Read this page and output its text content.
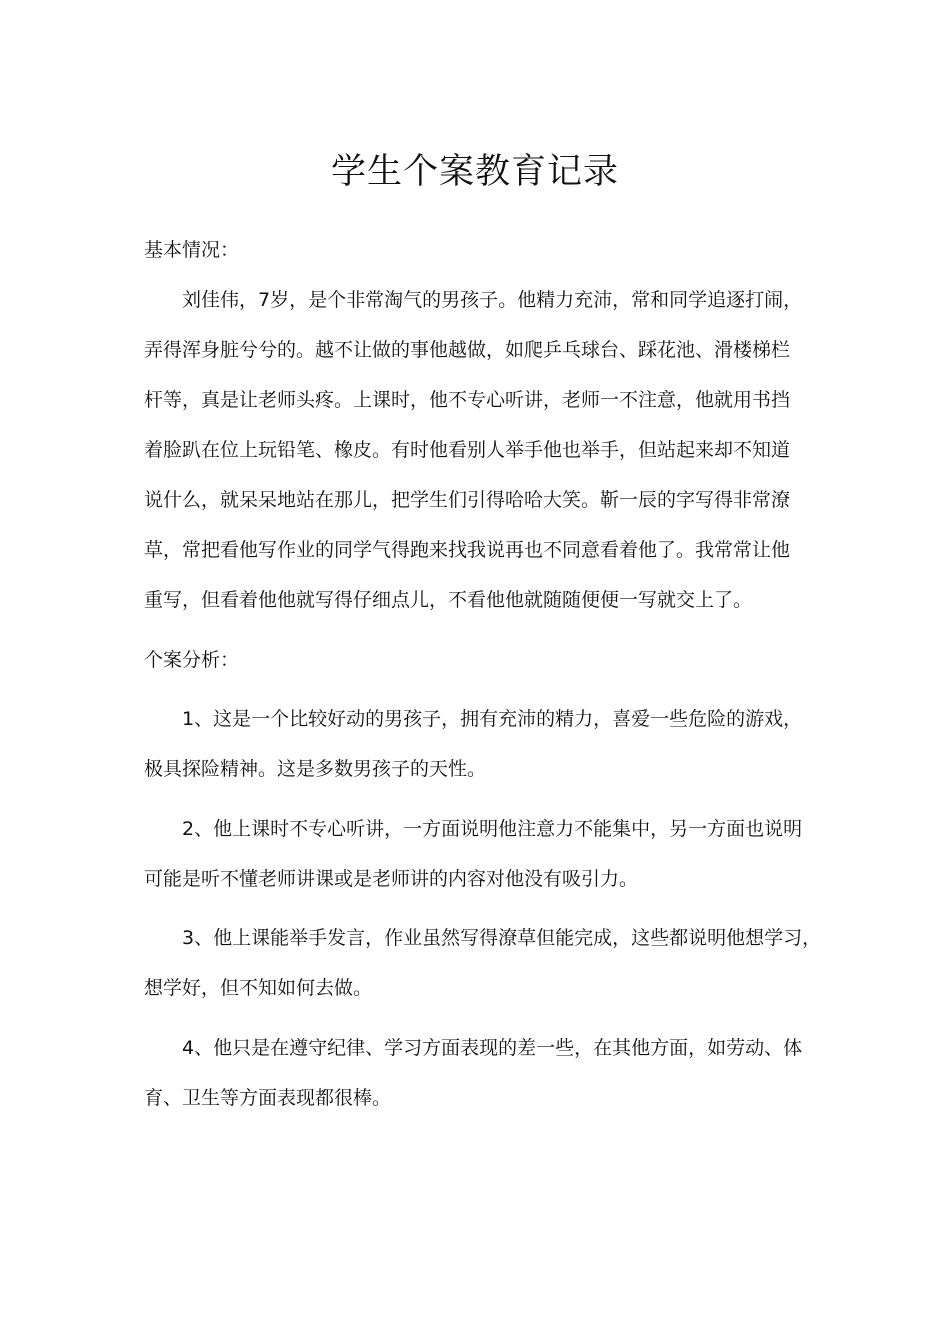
学生个案教育记录
基本情况：
刘佳伟，7岁，是个非常淘气的男孩子。他精力充沛，常和同学追逐打闹，
弄得浑身脏兮兮的。越不让做的事他越做，如爬乒乓球台、踩花池、滑楼梯栏
杆等，真是让老师头疼。上课时，他不专心听讲，老师一不注意，他就用书挡
着脸趴在位上玩铅笔、橡皮。有时他看别人举手他也举手，但站起来却不知道
说什么，就呆呆地站在那儿，把学生们引得哈哈大笑。靳一辰的字写得非常潦
草，常把看他写作业的同学气得跑来找我说再也不同意看着他了。我常常让他
重写，但看着他他就写得仔细点儿，不看他他就随随便便一写就交上了。
个案分析：
1、这是一个比较好动的男孩子，拥有充沛的精力，喜爱一些危险的游戏，
极具探险精神。这是多数男孩子的天性。
2、他上课时不专心听讲，一方面说明他注意力不能集中，另一方面也说明
可能是听不懂老师讲课或是老师讲的内容对他没有吸引力。
3、他上课能举手发言，作业虽然写得潦草但能完成，这些都说明他想学习，
想学好，但不知如何去做。
4、他只是在遵守纪律、学习方面表现的差一些，在其他方面，如劳动、体
育、卫生等方面表现都很棒。
